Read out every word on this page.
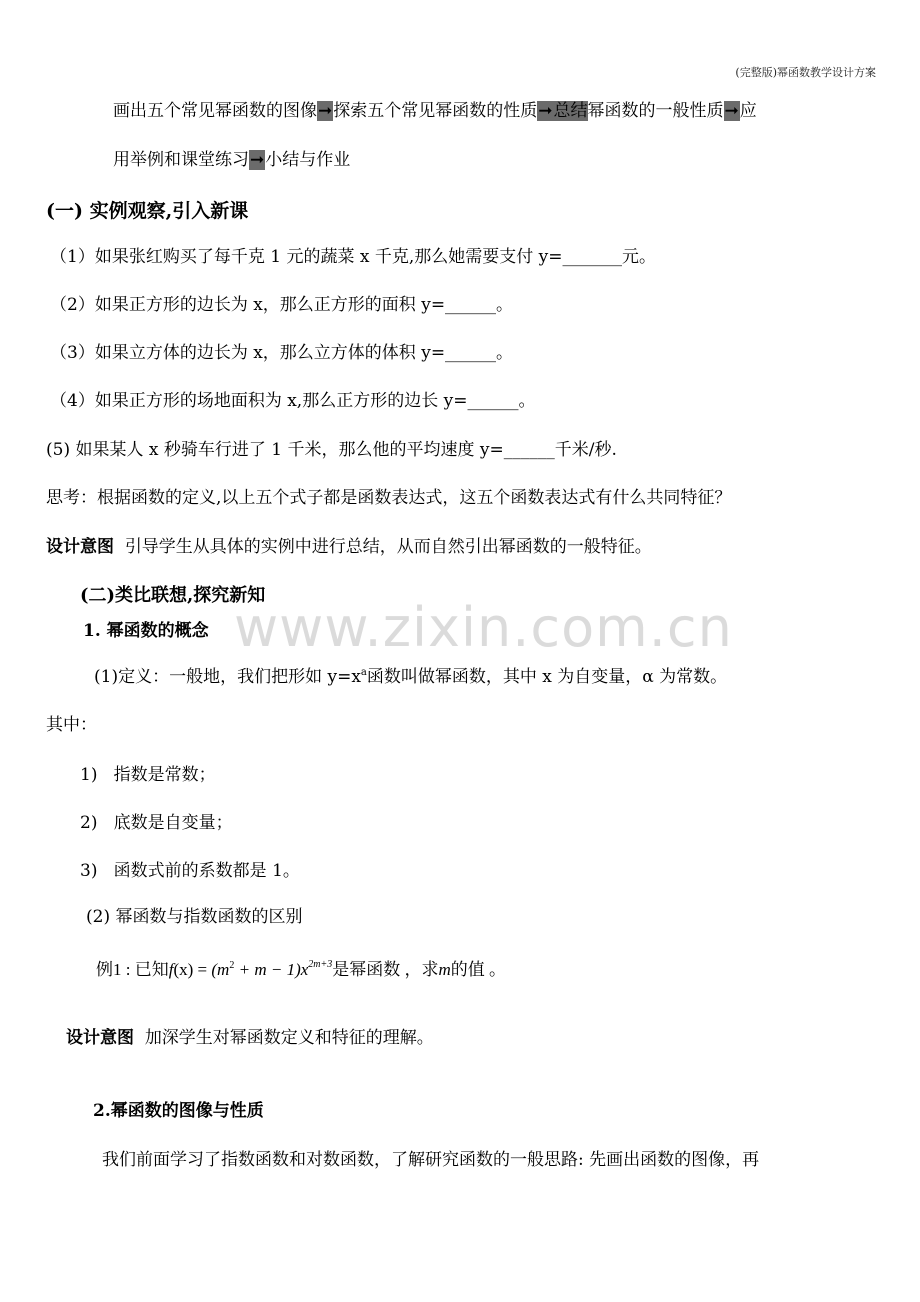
(完整版)幂函数教学设计方案
画出五个常见幂函数的图像➞探索五个常见幂函数的性质➞总结幂函数的一般性质➞应
用举例和课堂练习➞小结与作业
(一) 实例观察,引入新课
（1）如果张红购买了每千克 1 元的蔬菜 x 千克,那么她需要支付 y=_______元。
（2）如果正方形的边长为 x，那么正方形的面积 y=______。
（3）如果立方体的边长为 x，那么立方体的体积 y=______。
（4）如果正方形的场地面积为 x,那么正方形的边长 y=______。
(5) 如果某人 x 秒骑车行进了 1 千米，那么他的平均速度 y=______千米/秒.
思考：根据函数的定义,以上五个式子都是函数表达式，这五个函数表达式有什么共同特征？
设计意图 引导学生从具体的实例中进行总结，从而自然引出幂函数的一般特征。
(二)类比联想,探究新知
www.zixin.com.cn
1. 幂函数的概念
(1)定义：一般地，我们把形如 $y=x^a$函数叫做幂函数，其中 x 为自变量，α 为常数。
其中：
1) 指数是常数；
2) 底数是自变量；
3) 函数式前的系数都是 1。
(2) 幂函数与指数函数的区别
例1 : 已知$f(x) = (m^2 + m - 1)x^{2m+3}$是幂函数 ，求m的值 。
设计意图 加深学生对幂函数定义和特征的理解。
2.幂函数的图像与性质
我们前面学习了指数函数和对数函数，了解研究函数的一般思路: 先画出函数的图像，再
